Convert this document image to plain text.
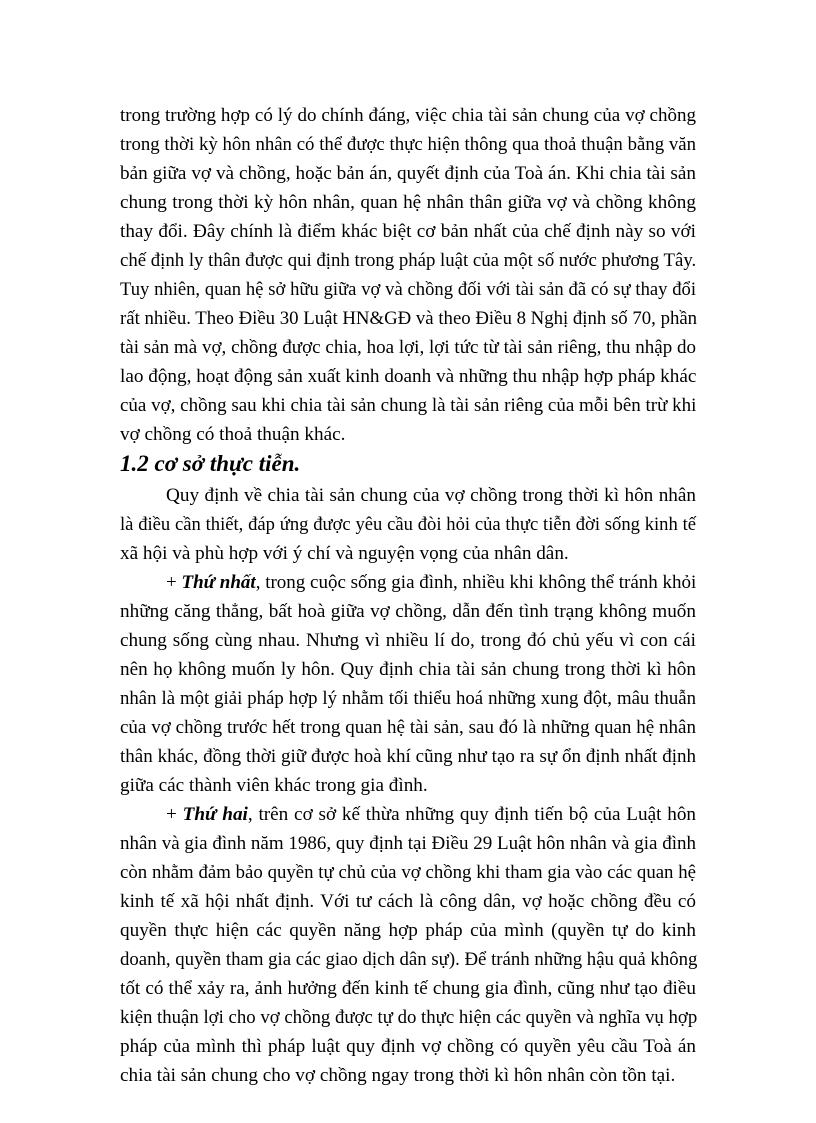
trong trường hợp có lý do chính đáng, việc chia tài sản chung của vợ chồng
trong thời kỳ hôn nhân có thể được thực hiện thông qua thoả thuận bằng văn
bản giữa vợ và chồng, hoặc bản án, quyết định của Toà án. Khi chia tài sản
chung trong thời kỳ hôn nhân, quan hệ nhân thân giữa vợ và chồng không
thay đổi. Đây chính là điểm khác biệt cơ bản nhất của chế định này so với
chế định ly thân được qui định trong pháp luật của một số nước phương Tây.
Tuy nhiên, quan hệ sở hữu giữa vợ và chồng đối với tài sản đã có sự thay đổi
rất nhiều. Theo Điều 30 Luật HN&GĐ và theo Điều 8 Nghị định số 70, phần
tài sản mà vợ, chồng được chia, hoa lợi, lợi tức từ tài sản riêng, thu nhập do
lao động, hoạt động sản xuất kinh doanh và những thu nhập hợp pháp khác
của vợ, chồng sau khi chia tài sản chung là tài sản riêng của mỗi bên trừ khi
vợ chồng có thoả thuận khác.
1.2 cơ sở thực tiễn.
Quy định về chia tài sản chung của vợ chồng trong thời kì hôn nhân
là điều cần thiết, đáp ứng được yêu cầu đòi hỏi của thực tiễn đời sống kinh tế
xã hội và phù hợp với ý chí và nguyện vọng của nhân dân.
+ Thứ nhất, trong cuộc sống gia đình, nhiều khi không thể tránh khỏi
những căng thẳng, bất hoà giữa vợ chồng, dẫn đến tình trạng không muốn
chung sống cùng nhau. Nhưng vì nhiều lí do, trong đó chủ yếu vì con cái
nên họ không muốn ly hôn. Quy định chia tài sản chung trong thời kì hôn
nhân là một giải pháp hợp lý nhằm tối thiểu hoá những xung đột, mâu thuẫn
của vợ chồng trước hết trong quan hệ tài sản, sau đó là những quan hệ nhân
thân khác, đồng thời giữ được hoà khí cũng như tạo ra sự ổn định nhất định
giữa các thành viên khác trong gia đình.
+ Thứ hai, trên cơ sở kế thừa những quy định tiến bộ của Luật hôn
nhân và gia đình năm 1986, quy định tại Điều 29 Luật hôn nhân và gia đình
còn nhằm đảm bảo quyền tự chủ của vợ chồng khi tham gia vào các quan hệ
kinh tế xã hội nhất định. Với tư cách là công dân, vợ hoặc chồng đều có
quyền thực hiện các quyền năng hợp pháp của mình (quyền tự do kinh
doanh, quyền tham gia các giao dịch dân sự). Để tránh những hậu quả không
tốt có thể xảy ra, ảnh hưởng đến kinh tế chung gia đình, cũng như tạo điều
kiện thuận lợi cho vợ chồng được tự do thực hiện các quyền và nghĩa vụ hợp
pháp của mình thì pháp luật quy định vợ chồng có quyền yêu cầu Toà án
chia tài sản chung cho vợ chồng ngay trong thời kì hôn nhân còn tồn tại.
